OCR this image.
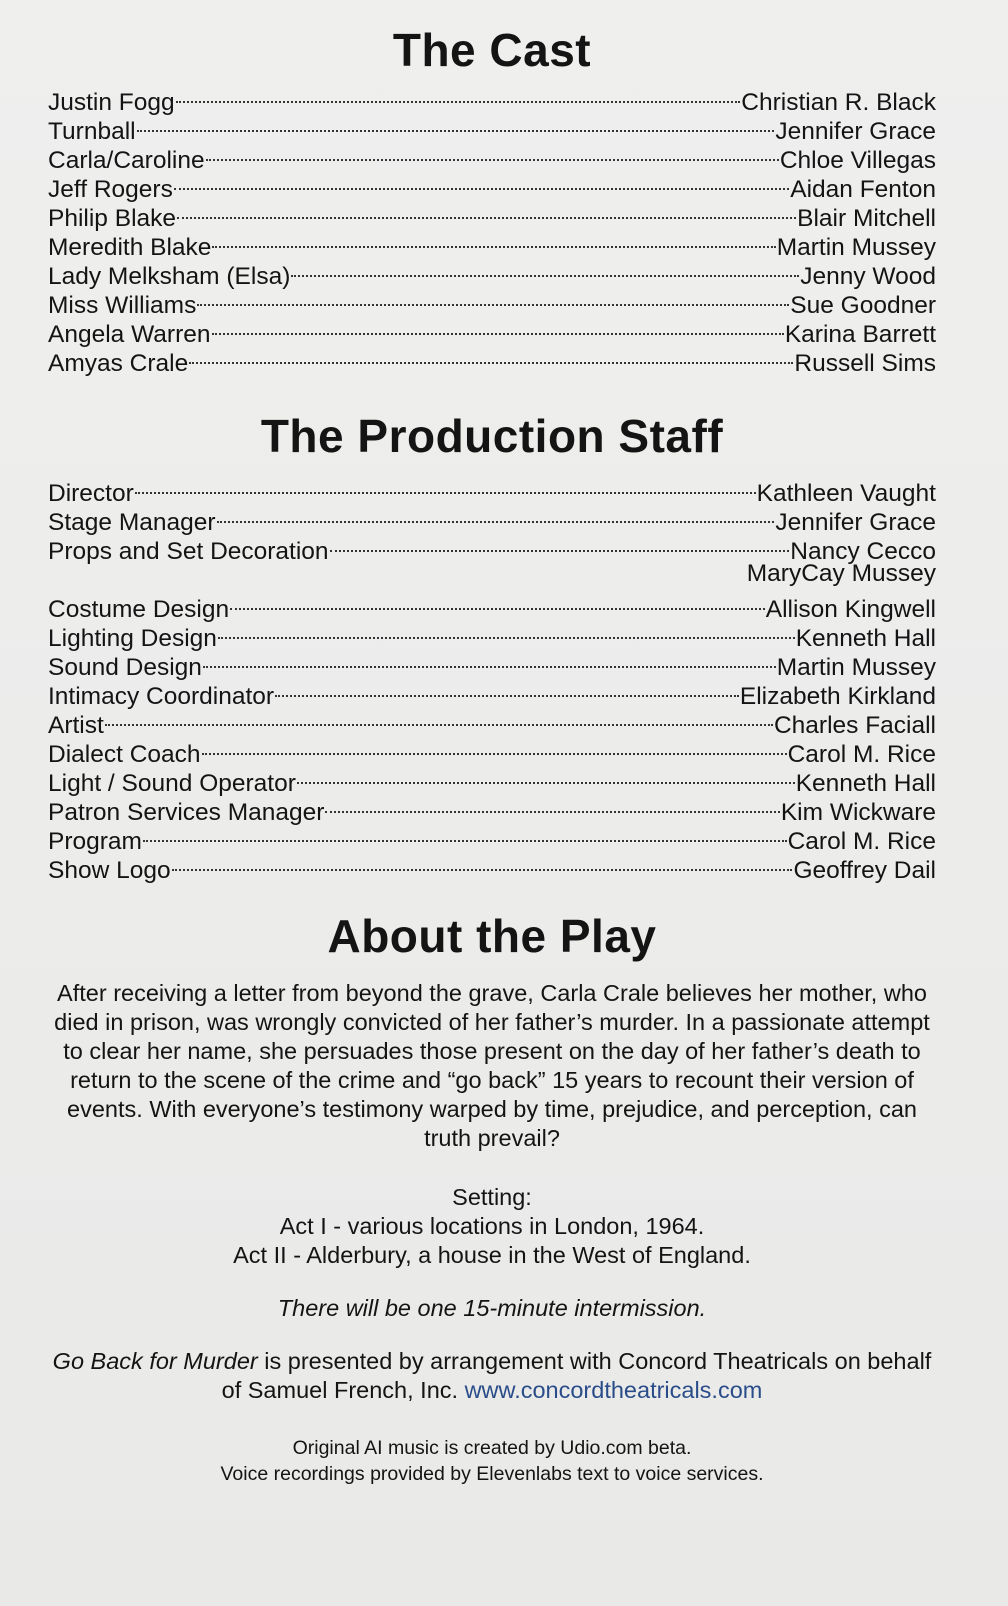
The Cast
Justin Fogg	Christian R. Black
Turnball	Jennifer Grace
Carla/Caroline	Chloe Villegas
Jeff Rogers	Aidan Fenton
Philip Blake	Blair Mitchell
Meredith Blake	Martin Mussey
Lady Melksham (Elsa)	Jenny Wood
Miss Williams	Sue Goodner
Angela Warren	Karina Barrett
Amyas Crale	Russell Sims
The Production Staff
Director	Kathleen Vaught
Stage Manager	Jennifer Grace
Props and Set Decoration	Nancy Cecco
MaryCay Mussey
Costume Design	Allison Kingwell
Lighting Design	Kenneth Hall
Sound Design	Martin Mussey
Intimacy Coordinator	Elizabeth Kirkland
Artist	Charles Faciall
Dialect Coach	Carol M. Rice
Light / Sound Operator	Kenneth Hall
Patron Services Manager	Kim Wickware
Program	Carol M. Rice
Show Logo	Geoffrey Dail
About the Play

After receiving a letter from beyond the grave, Carla Crale believes her mother, who died in prison, was wrongly convicted of her father’s murder. In a passionate attempt to clear her name, she persuades those present on the day of her father’s death to return to the scene of the crime and “go back” 15 years to recount their version of events. With everyone’s testimony warped by time, prejudice, and perception, can truth prevail?

Setting:

Act I - various locations in London, 1964.

Act II - Alderbury, a house in the West of England.

There will be one 15-minute intermission.

Go Back for Murder is presented by arrangement with Concord Theatricals on behalf of Samuel French, Inc. www.concordtheatricals.com

Original AI music is created by Udio.com beta.

Voice recordings provided by Elevenlabs text to voice services.
